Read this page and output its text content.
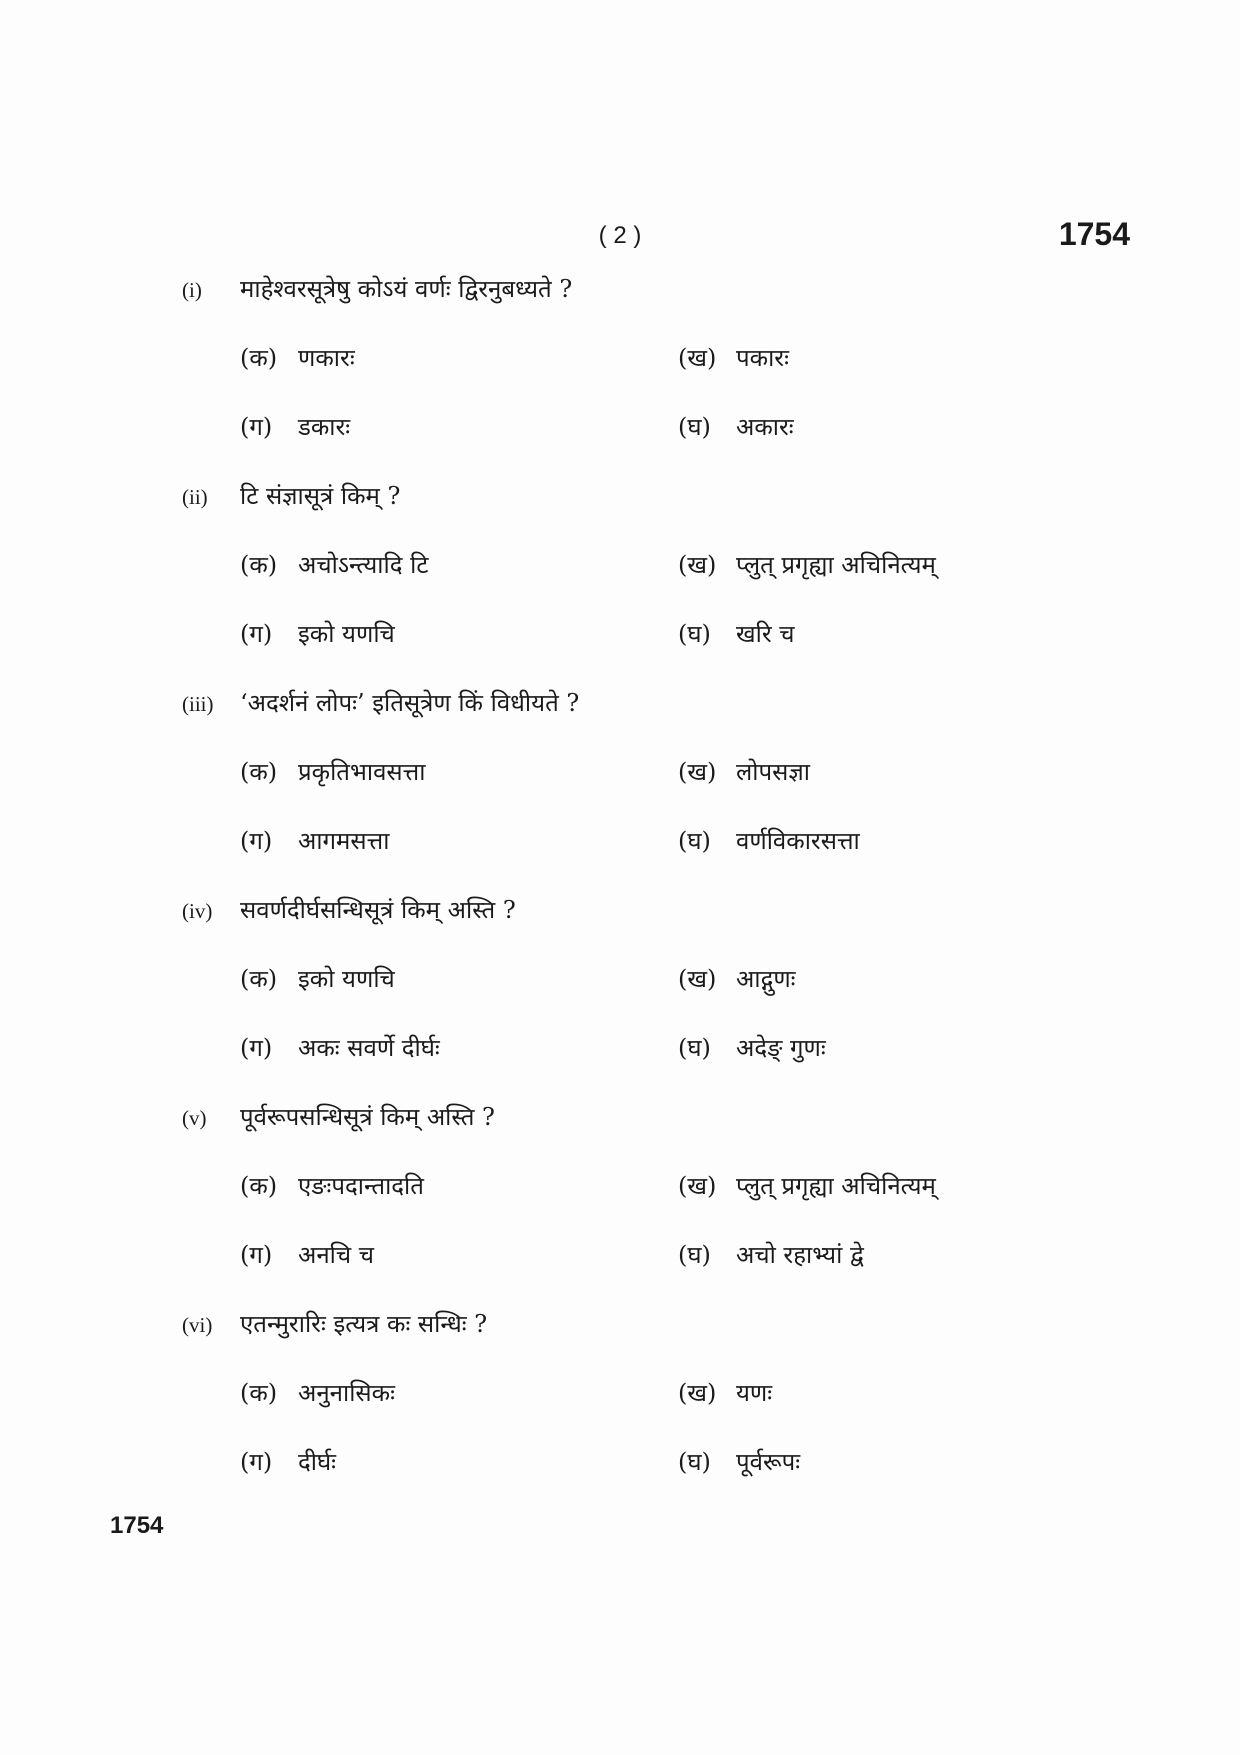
( 2 )	1754
(i)	माहेश्वरसूत्रेषु कोऽयं वर्णः द्विरनुबध्यते ?
(क) णकारः	(ख) पकारः
(ग)	डकारः	(घ)	अकारः
(ii)	टि संज्ञासूत्रं किम् ?
(क) अचोऽन्त्यादि टि	(ख) प्लुत् प्रगृह्या अचिनित्यम्
(ग)	इको यणचि	(घ)	खरि च
(iii)	‘अदर्शनं लोपः’ इतिसूत्रेण किं विधीयते ?
(क) प्रकृतिभावसत्ता	(ख) लोपसज्ञा
(ग)	आगमसत्ता	(घ)	वर्णविकारसत्ता
(iv)	सवर्णदीर्घसन्धिसूत्रं किम् अस्ति ?
(क) इको यणचि	(ख) आद्गुणः
(ग)	अकः सवर्णे दीर्घः	(घ)	अदेङ् गुणः
(v)	पूर्वरूपसन्धिसूत्रं किम् अस्ति ?
(क) एङःपदान्तादति	(ख) प्लुत् प्रगृह्या अचिनित्यम्
(ग)	अनचि च	(घ)	अचो रहाभ्यां द्वे
(vi)	एतन्मुरारिः इत्यत्र कः सन्धिः ?
(क) अनुनासिकः	(ख) यणः
(ग)	दीर्घः	(घ)	पूर्वरूपः
1754
